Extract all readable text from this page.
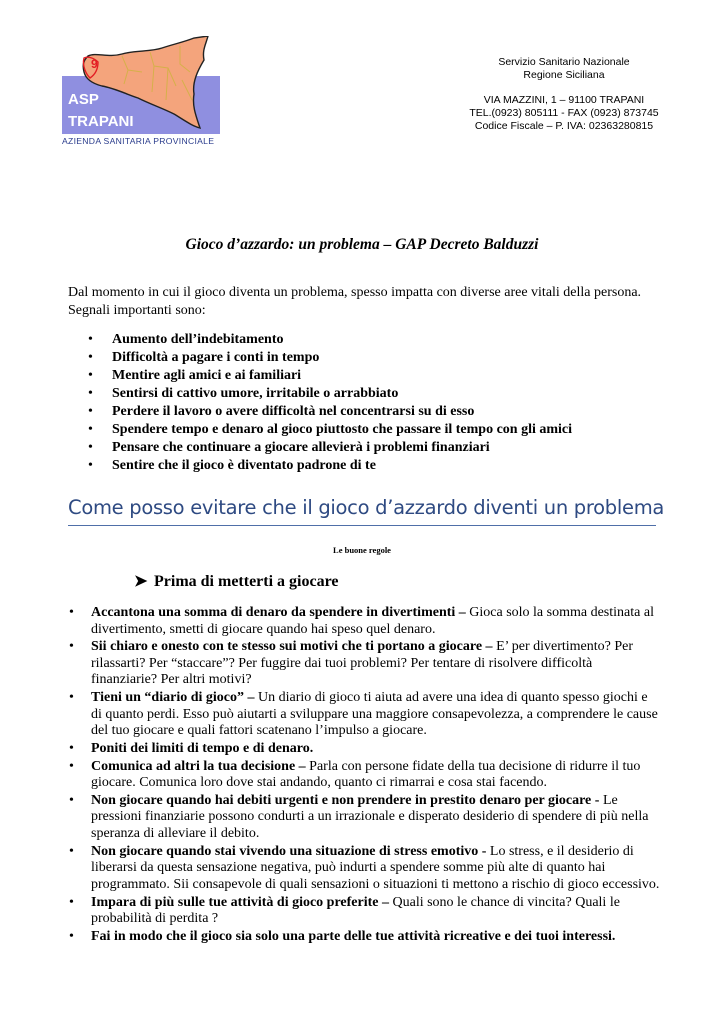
9
ASP
TRAPANI
AZIENDA SANITARIA PROVINCIALE
Servizio Sanitario Nazionale
Regione Siciliana
VIA MAZZINI, 1 – 91100 TRAPANI
TEL.(0923) 805111 - FAX (0923) 873745
Codice Fiscale – P. IVA: 02363280815
Gioco d’azzardo: un problema – GAP Decreto Balduzzi
Dal momento in cui il gioco diventa un problema, spesso impatta con diverse aree vitali della persona. Segnali importanti sono:
• Aumento dell’indebitamento
• Difficoltà a pagare i conti in tempo
• Mentire agli amici e ai familiari
• Sentirsi di cattivo umore, irritabile o arrabbiato
• Perdere il lavoro o avere difficoltà nel concentrarsi su di esso
• Spendere tempo e denaro al gioco piuttosto che passare il tempo con gli amici
• Pensare che continuare a giocare allevierà i problemi finanziari
• Sentire che il gioco è diventato padrone di te
Come posso evitare che il gioco d’azzardo diventi un problema
Le buone regole
➤ Prima di metterti a giocare
• Accantona una somma di denaro da spendere in divertimenti – Gioca solo la somma destinata al divertimento, smetti di giocare quando hai speso quel denaro.
• Sii chiaro e onesto con te stesso sui motivi che ti portano a giocare – E’ per divertimento? Per rilassarti? Per “staccare”? Per fuggire dai tuoi problemi? Per tentare di risolvere difficoltà finanziarie? Per altri motivi?
• Tieni un “diario di gioco” – Un diario di gioco ti aiuta ad avere una idea di quanto spesso giochi e di quanto perdi. Esso può aiutarti a sviluppare una maggiore consapevolezza, a comprendere le cause del tuo giocare e quali fattori scatenano l’impulso a giocare.
• Poniti dei limiti di tempo e di denaro.
• Comunica ad altri la tua decisione – Parla con persone fidate della tua decisione di ridurre il tuo giocare. Comunica loro dove stai andando, quanto ci rimarrai e cosa stai facendo.
• Non giocare quando hai debiti urgenti e non prendere in prestito denaro per giocare - Le pressioni finanziarie possono condurti a un irrazionale e disperato desiderio di spendere di più nella speranza di alleviare il debito.
• Non giocare quando stai vivendo una situazione di stress emotivo - Lo stress, e il desiderio di liberarsi da questa sensazione negativa, può indurti a spendere somme più alte di quanto hai programmato. Sii consapevole di quali sensazioni o situazioni ti mettono a rischio di gioco eccessivo.
• Impara di più sulle tue attività di gioco preferite – Quali sono le chance di vincita? Quali le probabilità di perdita ?
• Fai in modo che il gioco sia solo una parte delle tue attività ricreative e dei tuoi interessi.
